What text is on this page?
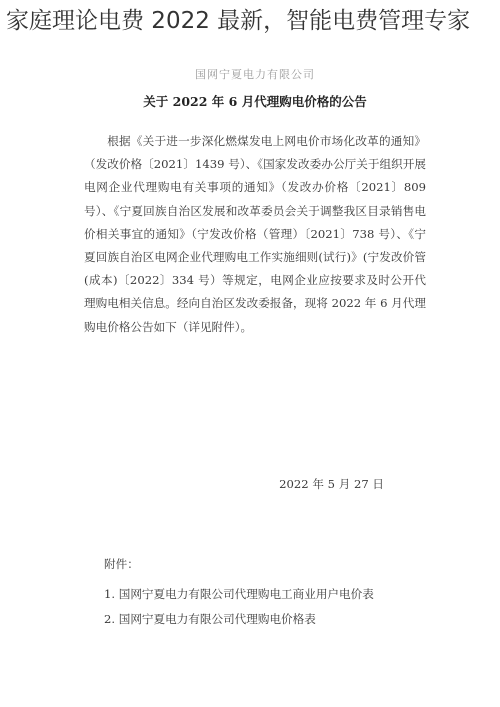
家庭理论电费 2022 最新，智能电费管理专家
国网宁夏电力有限公司
关于 2022 年 6 月代理购电价格的公告

根据《关于进一步深化燃煤发电上网电价市场化改革的通知》（发改价格〔2021〕1439 号）、《国家发改委办公厅关于组织开展电网企业代理购电有关事项的通知》（发改办价格〔2021〕809 号）、《宁夏回族自治区发展和改革委员会关于调整我区目录销售电价相关事宜的通知》（宁发改价格（管理）〔2021〕738 号）、《宁夏回族自治区电网企业代理购电工作实施细则(试行)》(宁发改价管(成本)〔2022〕334 号）等规定，电网企业应按要求及时公开代理购电相关信息。经向自治区发改委报备，现将 2022 年 6 月代理购电价格公告如下（详见附件）。

2022 年 5 月 27 日
附件：
1. 国网宁夏电力有限公司代理购电工商业用户电价表
2. 国网宁夏电力有限公司代理购电价格表
